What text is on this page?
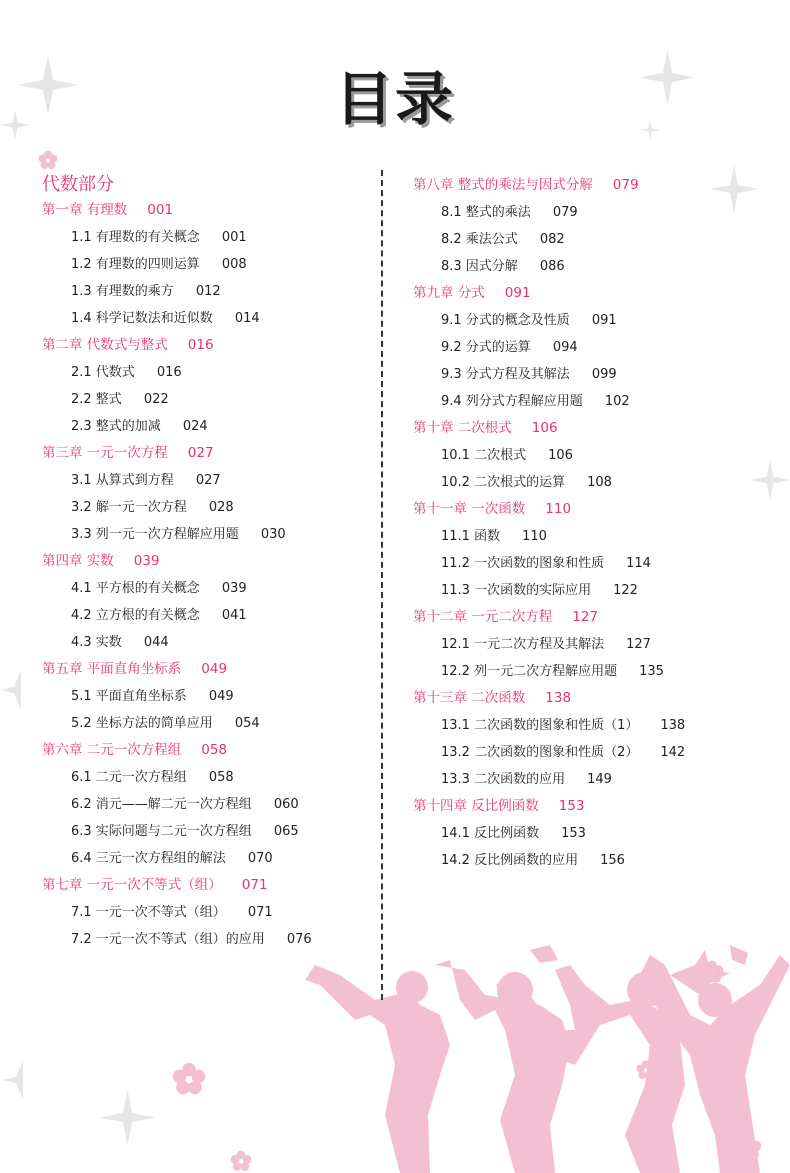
目录
代数部分
第一章 有理数 001
1.1 有理数的有关概念 001
1.2 有理数的四则运算 008
1.3 有理数的乘方 012
1.4 科学记数法和近似数 014
第二章 代数式与整式 016
2.1 代数式 016
2.2 整式 022
2.3 整式的加减 024
第三章 一元一次方程 027
3.1 从算式到方程 027
3.2 解一元一次方程 028
3.3 列一元一次方程解应用题 030
第四章 实数 039
4.1 平方根的有关概念 039
4.2 立方根的有关概念 041
4.3 实数 044
第五章 平面直角坐标系 049
5.1 平面直角坐标系 049
5.2 坐标方法的简单应用 054
第六章 二元一次方程组 058
6.1 二元一次方程组 058
6.2 消元——解二元一次方程组 060
6.3 实际问题与二元一次方程组 065
6.4 三元一次方程组的解法 070
第七章 一元一次不等式（组） 071
7.1 一元一次不等式（组） 071
7.2 一元一次不等式（组）的应用 076
第八章 整式的乘法与因式分解 079
8.1 整式的乘法 079
8.2 乘法公式 082
8.3 因式分解 086
第九章 分式 091
9.1 分式的概念及性质 091
9.2 分式的运算 094
9.3 分式方程及其解法 099
9.4 列分式方程解应用题 102
第十章 二次根式 106
10.1 二次根式 106
10.2 二次根式的运算 108
第十一章 一次函数 110
11.1 函数 110
11.2 一次函数的图象和性质 114
11.3 一次函数的实际应用 122
第十二章 一元二次方程 127
12.1 一元二次方程及其解法 127
12.2 列一元二次方程解应用题 135
第十三章 二次函数 138
13.1 二次函数的图象和性质（1） 138
13.2 二次函数的图象和性质（2） 142
13.3 二次函数的应用 149
第十四章 反比例函数 153
14.1 反比例函数 153
14.2 反比例函数的应用 156
